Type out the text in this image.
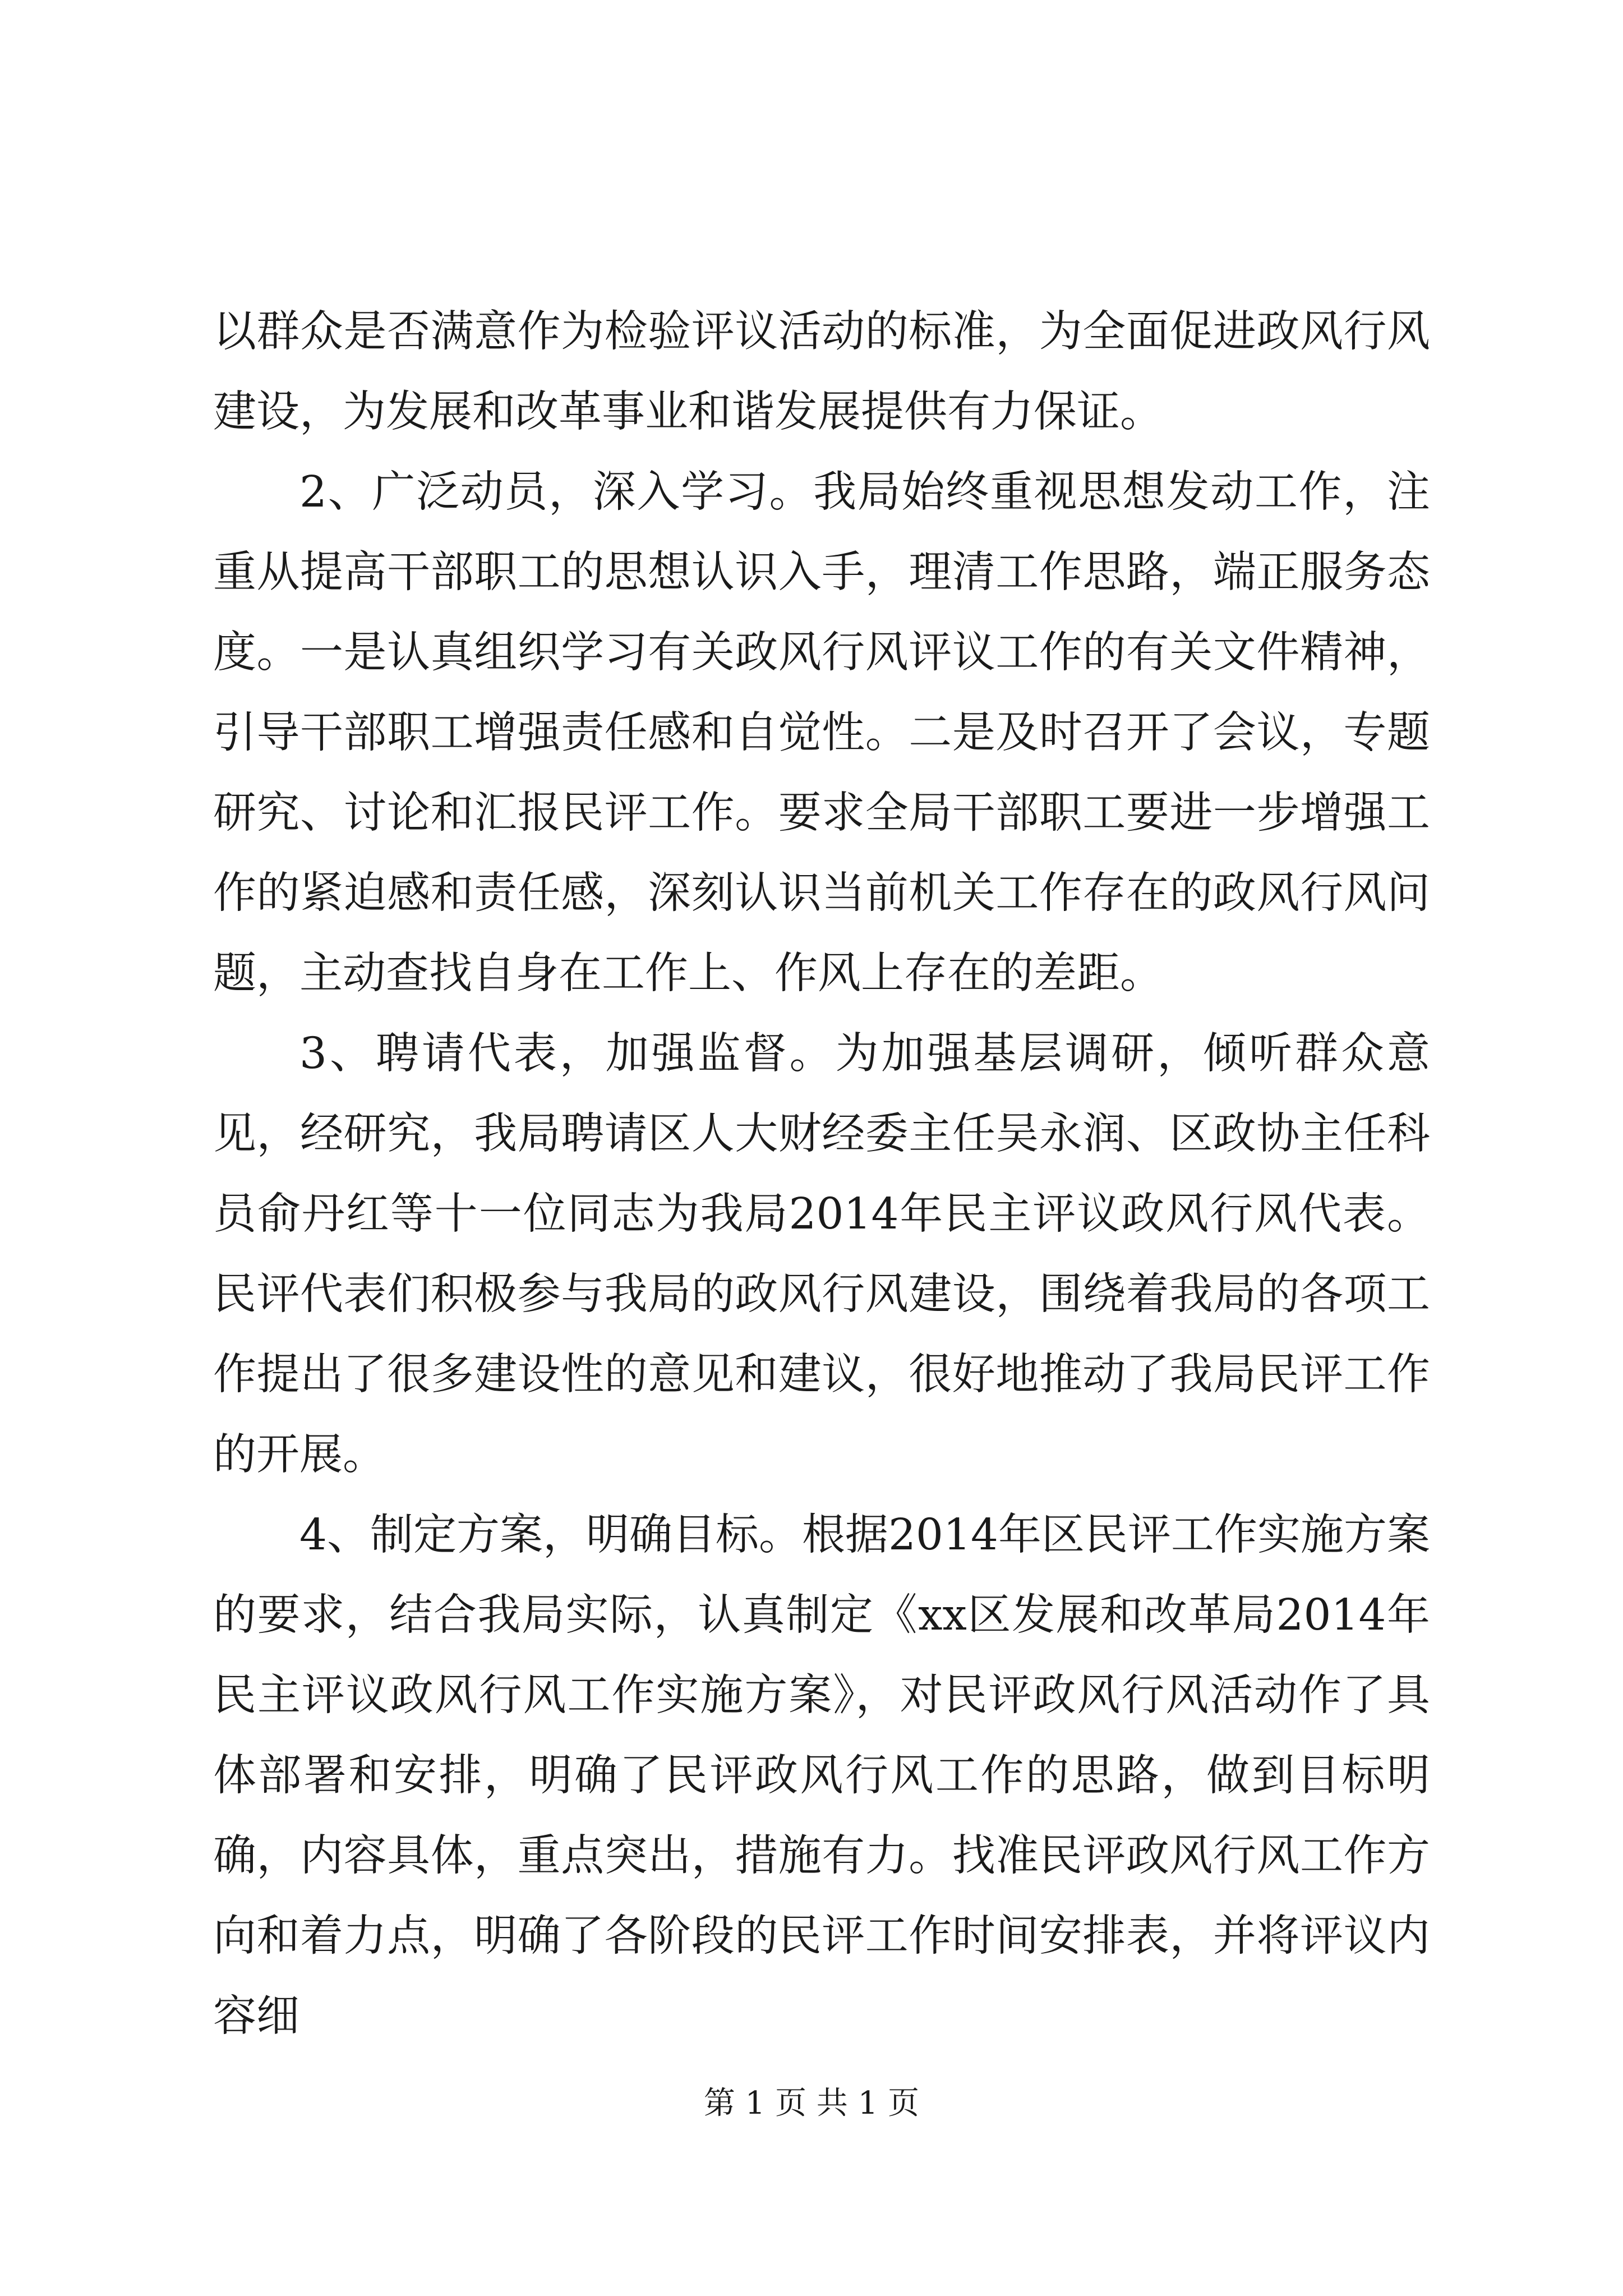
以群众是否满意作为检验评议活动的标准，为全面促进政风行风建设，为发展和改革事业和谐发展提供有力保证。

2、广泛动员，深入学习。我局始终重视思想发动工作，注重从提高干部职工的思想认识入手，理清工作思路，端正服务态度。一是认真组织学习有关政风行风评议工作的有关文件精神，引导干部职工增强责任感和自觉性。二是及时召开了会议，专题研究、讨论和汇报民评工作。要求全局干部职工要进一步增强工作的紧迫感和责任感，深刻认识当前机关工作存在的政风行风问题，主动查找自身在工作上、作风上存在的差距。

3、聘请代表，加强监督。为加强基层调研，倾听群众意见，经研究，我局聘请区人大财经委主任吴永润、区政协主任科员俞丹红等十一位同志为我局2014年民主评议政风行风代表。民评代表们积极参与我局的政风行风建设，围绕着我局的各项工作提出了很多建设性的意见和建议，很好地推动了我局民评工作的开展。

4、制定方案，明确目标。根据2014年区民评工作实施方案的要求，结合我局实际，认真制定《xx区发展和改革局2014年民主评议政风行风工作实施方案》，对民评政风行风活动作了具体部署和安排，明确了民评政风行风工作的思路，做到目标明确，内容具体，重点突出，措施有力。找准民评政风行风工作方向和着力点，明确了各阶段的民评工作时间安排表，并将评议内容细

第 1 页 共 1 页
